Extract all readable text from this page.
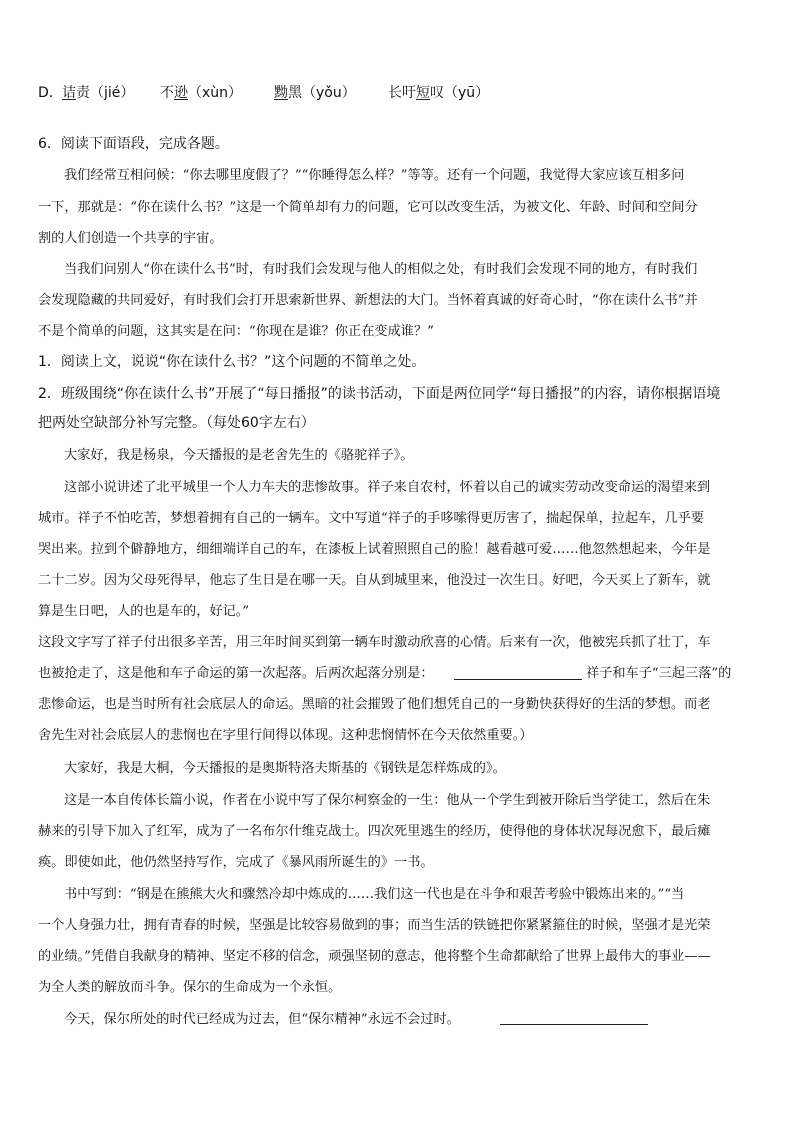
D． 诘责（jié） 不逊（xùn） 黝黑（yǒu） 长吁短叹（yū）
6．阅读下面语段，完成各题。
我们经常互相问候：“你去哪里度假了？”“你睡得怎么样？”等等。还有一个问题，我觉得大家应该互相多问
一下，那就是：“你在读什么书？”这是一个简单却有力的问题，它可以改变生活，为被文化、年龄、时间和空间分
割的人们创造一个共享的宇宙。
当我们问别人“你在读什么书”时，有时我们会发现与他人的相似之处，有时我们会发现不同的地方，有时我们
会发现隐藏的共同爱好，有时我们会打开思索新世界、新想法的大门。当怀着真诚的好奇心时，“你在读什么书”并
不是个简单的问题，这其实是在问：“你现在是谁？你正在变成谁？”
1．阅读上文，说说“你在读什么书？”这个问题的不简单之处。
2．班级围绕“你在读什么书”开展了“每日播报”的读书活动，下面是两位同学“每日播报”的内容，请你根据语境
把两处空缺部分补写完整。（每处60字左右）
大家好，我是杨泉，今天播报的是老舍先生的《骆驼祥子》。
这部小说讲述了北平城里一个人力车夫的悲惨故事。祥子来自农村，怀着以自己的诚实劳动改变命运的渴望来到
城市。祥子不怕吃苦，梦想着拥有自己的一辆车。文中写道“祥子的手哆嗦得更厉害了，揣起保单，拉起车，几乎要
哭出来。拉到个僻静地方，细细端详自己的车，在漆板上试着照照自己的脸！越看越可爱……他忽然想起来，今年是
二十二岁。因为父母死得早，他忘了生日是在哪一天。自从到城里来，他没过一次生日。好吧，今天买上了新车，就
算是生日吧，人的也是车的，好记。”
这段文字写了祥子付出很多辛苦，用三年时间买到第一辆车时激动欣喜的心情。后来有一次，他被宪兵抓了壮丁，车
也被抢走了，这是他和车子命运的第一次起落。后两次起落分别是：	祥子和车子“三起三落”的
悲惨命运，也是当时所有社会底层人的命运。黑暗的社会摧毁了他们想凭自己的一身勤快获得好的生活的梦想。而老
舍先生对社会底层人的悲悯也在字里行间得以体现。这种悲悯情怀在今天依然重要。）
大家好，我是大桐，今天播报的是奥斯特洛夫斯基的《钢铁是怎样炼成的》。
这是一本自传体长篇小说，作者在小说中写了保尔柯察金的一生：他从一个学生到被开除后当学徒工，然后在朱
赫来的引导下加入了红军，成为了一名布尔什维克战士。四次死里逃生的经历，使得他的身体状况每况愈下，最后瘫
痪。即使如此，他仍然坚持写作，完成了《暴风雨所诞生的》一书。
书中写到：“钢是在熊熊大火和骤然冷却中炼成的……我们这一代也是在斗争和艰苦考验中锻炼出来的。”“当
一个人身强力壮，拥有青春的时候，坚强是比较容易做到的事；而当生活的铁链把你紧紧箍住的时候，坚强才是光荣
的业绩。”凭借自我献身的精神、坚定不移的信念，顽强坚韧的意志，他将整个生命都献给了世界上最伟大的事业——
为全人类的解放而斗争。保尔的生命成为一个永恒。
今天，保尔所处的时代已经成为过去，但“保尔精神”永远不会过时。
